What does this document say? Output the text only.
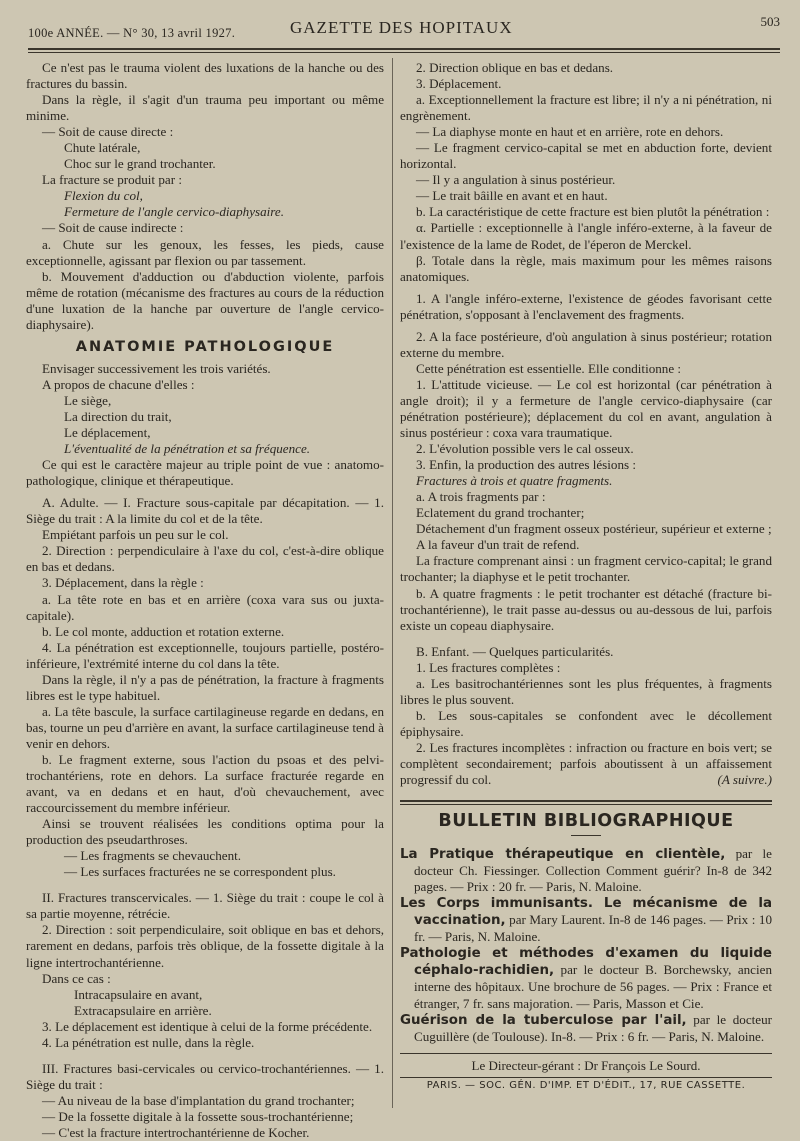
100e ANNÉE. — N° 30, 13 avril 1927.	GAZETTE DES HOPITAUX	503

Ce n'est pas le trauma violent des luxations de la hanche ou des fractures du bassin.

Dans la règle, il s'agit d'un trauma peu important ou même minime.

— Soit de cause directe :

Chute latérale,

Choc sur le grand trochanter.

La fracture se produit par :

Flexion du col,

Fermeture de l'angle cervico-diaphysaire.

— Soit de cause indirecte :

a. Chute sur les genoux, les fesses, les pieds, cause exceptionnelle, agissant par flexion ou par tassement.

b. Mouvement d'adduction ou d'abduction violente, parfois même de rotation (mécanisme des fractures au cours de la réduction d'une luxation de la hanche par ouverture de l'angle cervico-diaphysaire).

ANATOMIE PATHOLOGIQUE

Envisager successivement les trois variétés.

A propos de chacune d'elles :

Le siège,

La direction du trait,

Le déplacement,

L'éventualité de la pénétration et sa fréquence.

Ce qui est le caractère majeur au triple point de vue : anatomo-pathologique, clinique et thérapeutique.

A. Adulte. — I. Fracture sous-capitale par décapitation. — 1. Siège du trait : A la limite du col et de la tête.

Empiétant parfois un peu sur le col.

2. Direction : perpendiculaire à l'axe du col, c'est-à-dire oblique en bas et dedans.

3. Déplacement, dans la règle :

a. La tête rote en bas et en arrière (coxa vara sus ou juxta-capitale).

b. Le col monte, adduction et rotation externe.

4. La pénétration est exceptionnelle, toujours partielle, postéro-inférieure, l'extrémité interne du col dans la tête.

Dans la règle, il n'y a pas de pénétration, la fracture à fragments libres est le type habituel.

a. La tête bascule, la surface cartilagineuse regarde en dedans, en bas, tourne un peu d'arrière en avant, la surface cartilagineuse tend à venir en dehors.

b. Le fragment externe, sous l'action du psoas et des pelvi-trochantériens, rote en dehors. La surface fracturée regarde en avant, va en dedans et en haut, d'où chevauchement, avec raccourcissement du membre inférieur.

Ainsi se trouvent réalisées les conditions optima pour la production des pseudarthroses.

— Les fragments se chevauchent.

— Les surfaces fracturées ne se correspondent plus.

II. Fractures transcervicales. — 1. Siège du trait : coupe le col à sa partie moyenne, rétrécie.

2. Direction : soit perpendiculaire, soit oblique en bas et dehors, rarement en dedans, parfois très oblique, de la fossette digitale à la ligne intertrochantérienne.

Dans ce cas :

Intracapsulaire en avant,

Extracapsulaire en arrière.

3. Le déplacement est identique à celui de la forme précédente.

4. La pénétration est nulle, dans la règle.

III. Fractures basi-cervicales ou cervico-trochantériennes. — 1. Siège du trait :

— Au niveau de la base d'implantation du grand trochanter;

— De la fossette digitale à la fossette sous-trochantérienne;

— C'est la fracture intertrochantérienne de Kocher.

2. Direction oblique en bas et dedans.

3. Déplacement.

a. Exceptionnellement la fracture est libre; il n'y a ni pénétration, ni engrènement.

— La diaphyse monte en haut et en arrière, rote en dehors.

— Le fragment cervico-capital se met en abduction forte, devient horizontal.

— Il y a angulation à sinus postérieur.

— Le trait bâille en avant et en haut.

b. La caractéristique de cette fracture est bien plutôt la pénétration :

α. Partielle : exceptionnelle à l'angle inféro-externe, à la faveur de l'existence de la lame de Rodet, de l'éperon de Merckel.

β. Totale dans la règle, mais maximum pour les mêmes raisons anatomiques.

1. A l'angle inféro-externe, l'existence de géodes favorisant cette pénétration, s'opposant à l'enclavement des fragments.

2. A la face postérieure, d'où angulation à sinus postérieur; rotation externe du membre.

Cette pénétration est essentielle. Elle conditionne :

1. L'attitude vicieuse. — Le col est horizontal (car pénétration à angle droit); il y a fermeture de l'angle cervico-diaphysaire (car pénétration postérieure); déplacement du col en avant, angulation à sinus postérieur : coxa vara traumatique.

2. L'évolution possible vers le cal osseux.

3. Enfin, la production des autres lésions :

Fractures à trois et quatre fragments.

a. A trois fragments par :

Eclatement du grand trochanter;

Détachement d'un fragment osseux postérieur, supérieur et externe ;

A la faveur d'un trait de refend.

La fracture comprenant ainsi : un fragment cervico-capital; le grand trochanter; la diaphyse et le petit trochanter.

b. A quatre fragments : le petit trochanter est détaché (fracture bi-trochantérienne), le trait passe au-dessus ou au-dessous de lui, parfois existe un copeau diaphysaire.

B. Enfant. — Quelques particularités.

1. Les fractures complètes :

a. Les basitrochantériennes sont les plus fréquentes, à fragments libres le plus souvent.

b. Les sous-capitales se confondent avec le décollement épiphysaire.

2. Les fractures incomplètes : infraction ou fracture en bois vert; se complètent secondairement; parfois aboutissent à un affaissement progressif du col.	(A suivre.)

BULLETIN BIBLIOGRAPHIQUE

La Pratique thérapeutique en clientèle, par le docteur Ch. Fiessinger. Collection Comment guérir? In-8 de 342 pages. — Prix : 20 fr. — Paris, N. Maloine.

Les Corps immunisants. Le mécanisme de la vaccination, par Mary Laurent. In-8 de 146 pages. — Prix : 10 fr. — Paris, N. Maloine.

Pathologie et méthodes d'examen du liquide céphalo-rachidien, par le docteur B. Borchewsky, ancien interne des hôpitaux. Une brochure de 56 pages. — Prix : France et étranger, 7 fr. sans majoration. — Paris, Masson et Cie.

Guérison de la tuberculose par l'ail, par le docteur Cuguillère (de Toulouse). In-8. — Prix : 6 fr. — Paris, N. Maloine.

Le Directeur-gérant : Dr François Le Sourd.
PARIS. — SOC. GÉN. D'IMP. ET D'ÉDIT., 17, RUE CASSETTE.
